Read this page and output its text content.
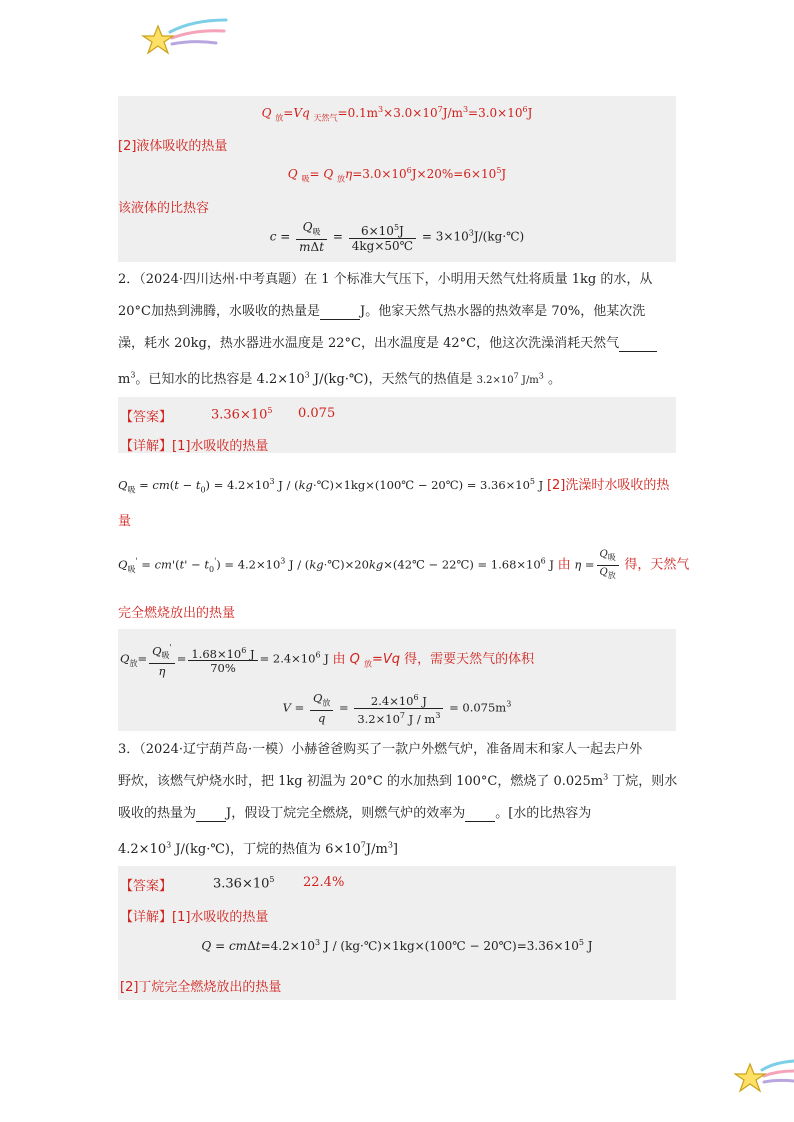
Q $_放$=Vq $_{天然气}=0.1m^3\times 3.0\times 10^7J/m^3=3.0\times 10^6J$
[2]液体吸收的热量
Q $_吸$= Q $_放\eta=3.0\times 10^6J\times 20\%=6\times 10^5J$
该液体的比热容
$c = \frac{Q_吸}{\text{mΔt}} = \frac{6\times 10^5J}{4kg\times 50℃}$ = $3\times 10^3J/(kg\cdot℃)$
2．（2024·四川达州·中考真题）在 1 个标准大气压下，小明用天然气灶将质量 1kg 的水，从
20°C加热到沸腾，水吸收的热量是	J。他家天然气热水器的热效率是 70%，他某次洗
澡，耗水 20kg，热水器进水温度是 22°C，出水温度是 42°C，他这次洗澡消耗天然气
$m^3$。已知水的比热容是 $4.2\times 10^3$ J/(kg·℃)，天然气的热值是 $3.2\times 10^7$ $J/m^3$ 。
【答案】	$3.36\times 10^5$ 0.075
【详解】[1]水吸收的热量
$Q_吸 = cm(t - t_0) = 4.2\times 10^3$ J / (kg·℃)×1kg×(100℃ − 20℃) = $3.36\times 10^5$ J [2]洗澡时水吸收的热
量
$Q_吸' = cm'(t' - t_0') = 4.2\times 10^3$ J / (kg·℃)×20kg×(42℃ − 22℃) = $1.68\times 10^6$ J 由 $\eta = \frac{Q_吸}{Q_放}$ 得，天然气
完全燃烧放出的热量
$Q_放= \frac{Q_吸'}{\eta} = \frac{1.68\times 10^6 J}{70\%} = 2.4\times 10^6$ J 由 Q $_放$=Vq 得，需要天然气的体积
$V = \frac{Q_放}{q} = \frac{2.4\times 10^6 J}{3.2\times 10^7 J / m^3} = 0.075m^3$
3．（2024·辽宁葫芦岛·一模）小赫爸爸购买了一款户外燃气炉，准备周末和家人一起去户外
野炊，该燃气炉烧水时，把 1kg 初温为 20°C 的水加热到 100°C，燃烧了 $0.025m^3$ 丁烷，则水
吸收的热量为 J，假设丁烷完全燃烧，则燃气炉的效率为 。[水的比热容为
$4.2\times 10^3$ J/(kg·℃)，丁烷的热值为 $6\times 10^7J/m^3$]
【答案】	$3.36\times 10^5$ 22.4%
【详解】[1]水吸收的热量
$Q = cm\Delta t=4.2\times 10^3$ J / (kg·℃)×1kg×(100℃ − $20℃)=3.36\times 10^5$ J
[2]丁烷完全燃烧放出的热量
